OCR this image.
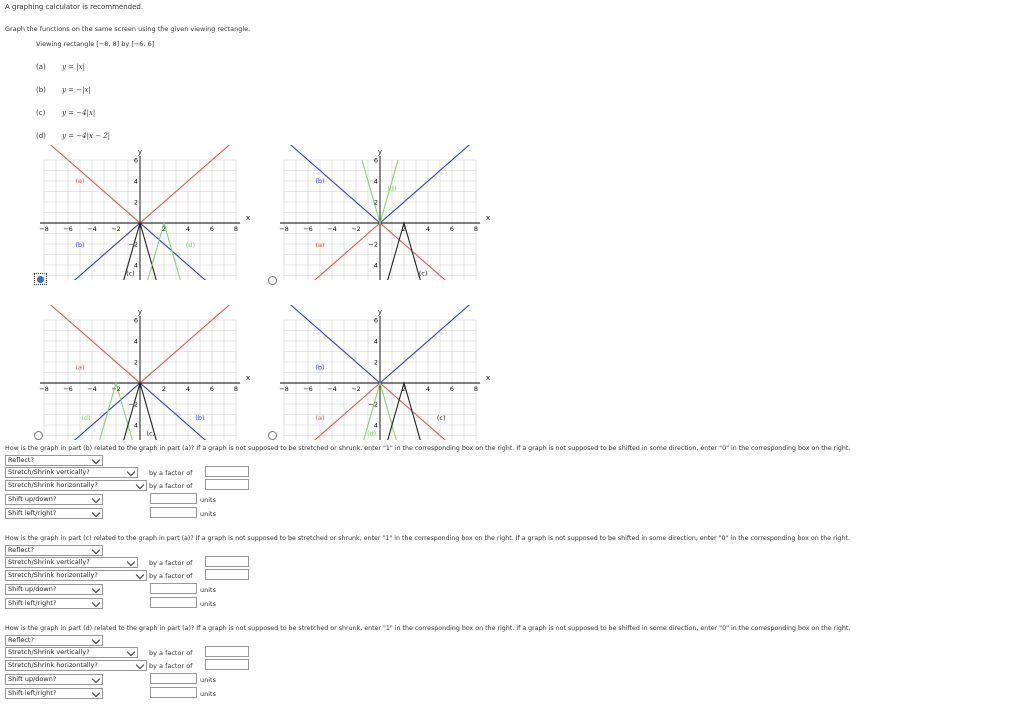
A graphing calculator is recommended.
Graph the functions on the same screen using the given viewing rectangle.
Viewing rectangle [−8, 8] by [−6, 6]
(a) y = |x|
(b) y = −|x|
(c) y = −4|x|
(d) y = −4|x − 2|
−8 −6 −4 −2	2	4	6	8
2
4
6
−2
4
x
y
(a)
(b)
(c)
(d)
−8 −6 −4 −2	2	4	6	8
2
4
6
−2
4
x
y
(a)
(b)
(c)
(d)
−8 −6 −4 −2	2	4	6	8
2
4
6
−2
4
x
y
(a)
(b)
(c)
(d)
−8 −6 −4 −2	2	4	6	8
2
4
6
−2
4
x
y
(a)
(b)
(c)
(d)
How is the graph in part (b) related to the graph in part (a)? If a graph is not supposed to be stretched or shrunk, enter "1" in the corresponding box on the right. If a graph is not supposed to be shifted in some direction, enter "0" in the corresponding box on the right.
Reflect?
Stretch/Shrink vertically?	by a factor of
Stretch/Shrink horizontally?	by a factor of
Shift up/down?	units
Shift left/right?	units
How is the graph in part (c) related to the graph in part (a)? If a graph is not supposed to be stretched or shrunk, enter "1" in the corresponding box on the right. If a graph is not supposed to be shifted in some direction, enter "0" in the corresponding box on the right.
Reflect?
Stretch/Shrink vertically?	by a factor of
Stretch/Shrink horizontally?	by a factor of
Shift up/down?	units
Shift left/right?	units
How is the graph in part (d) related to the graph in part (a)? If a graph is not supposed to be stretched or shrunk, enter "1" in the corresponding box on the right. If a graph is not supposed to be shifted in some direction, enter "0" in the corresponding box on the right.
Reflect?
Stretch/Shrink vertically?	by a factor of
Stretch/Shrink horizontally?	by a factor of
Shift up/down?	units
Shift left/right?	units
